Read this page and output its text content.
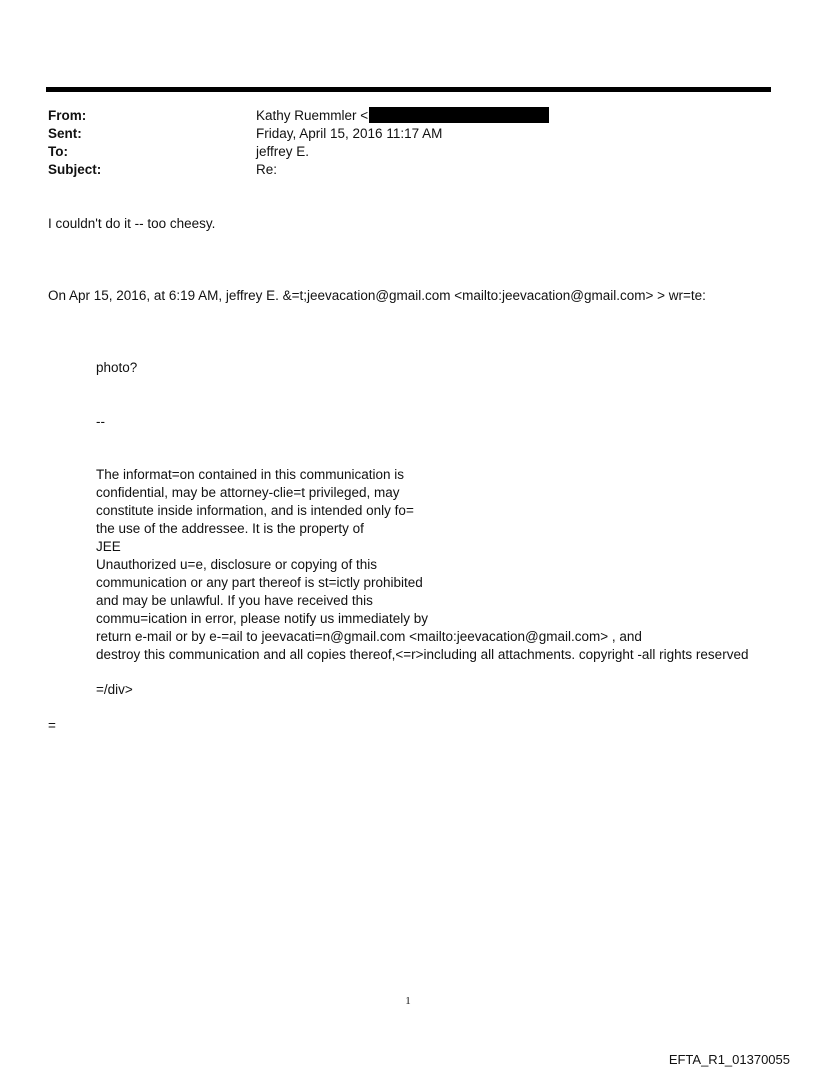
From:	Kathy Ruemmler <
Sent:	Friday, April 15, 2016 11:17 AM
To:	jeffrey E.
Subject:	Re:
I couldn't do it -- too cheesy.
On Apr 15, 2016, at 6:19 AM, jeffrey E. &=t;jeevacation@gmail.com <mailto:jeevacation@gmail.com> > wr=te:
photo?
--
The informat=on contained in this communication is
confidential, may be attorney-clie=t privileged, may
constitute inside information, and is intended only fo=
the use of the addressee. It is the property of
JEE
Unauthorized u=e, disclosure or copying of this
communication or any part thereof is st=ictly prohibited
and may be unlawful. If you have received this
commu=ication in error, please notify us immediately by
return e-mail or by e-=ail to jeevacati=n@gmail.com <mailto:jeevacation@gmail.com> , and
destroy this communication and all copies thereof,<=r>including all attachments. copyright -all rights reserved
=/div>
=
1
EFTA_R1_01370055
